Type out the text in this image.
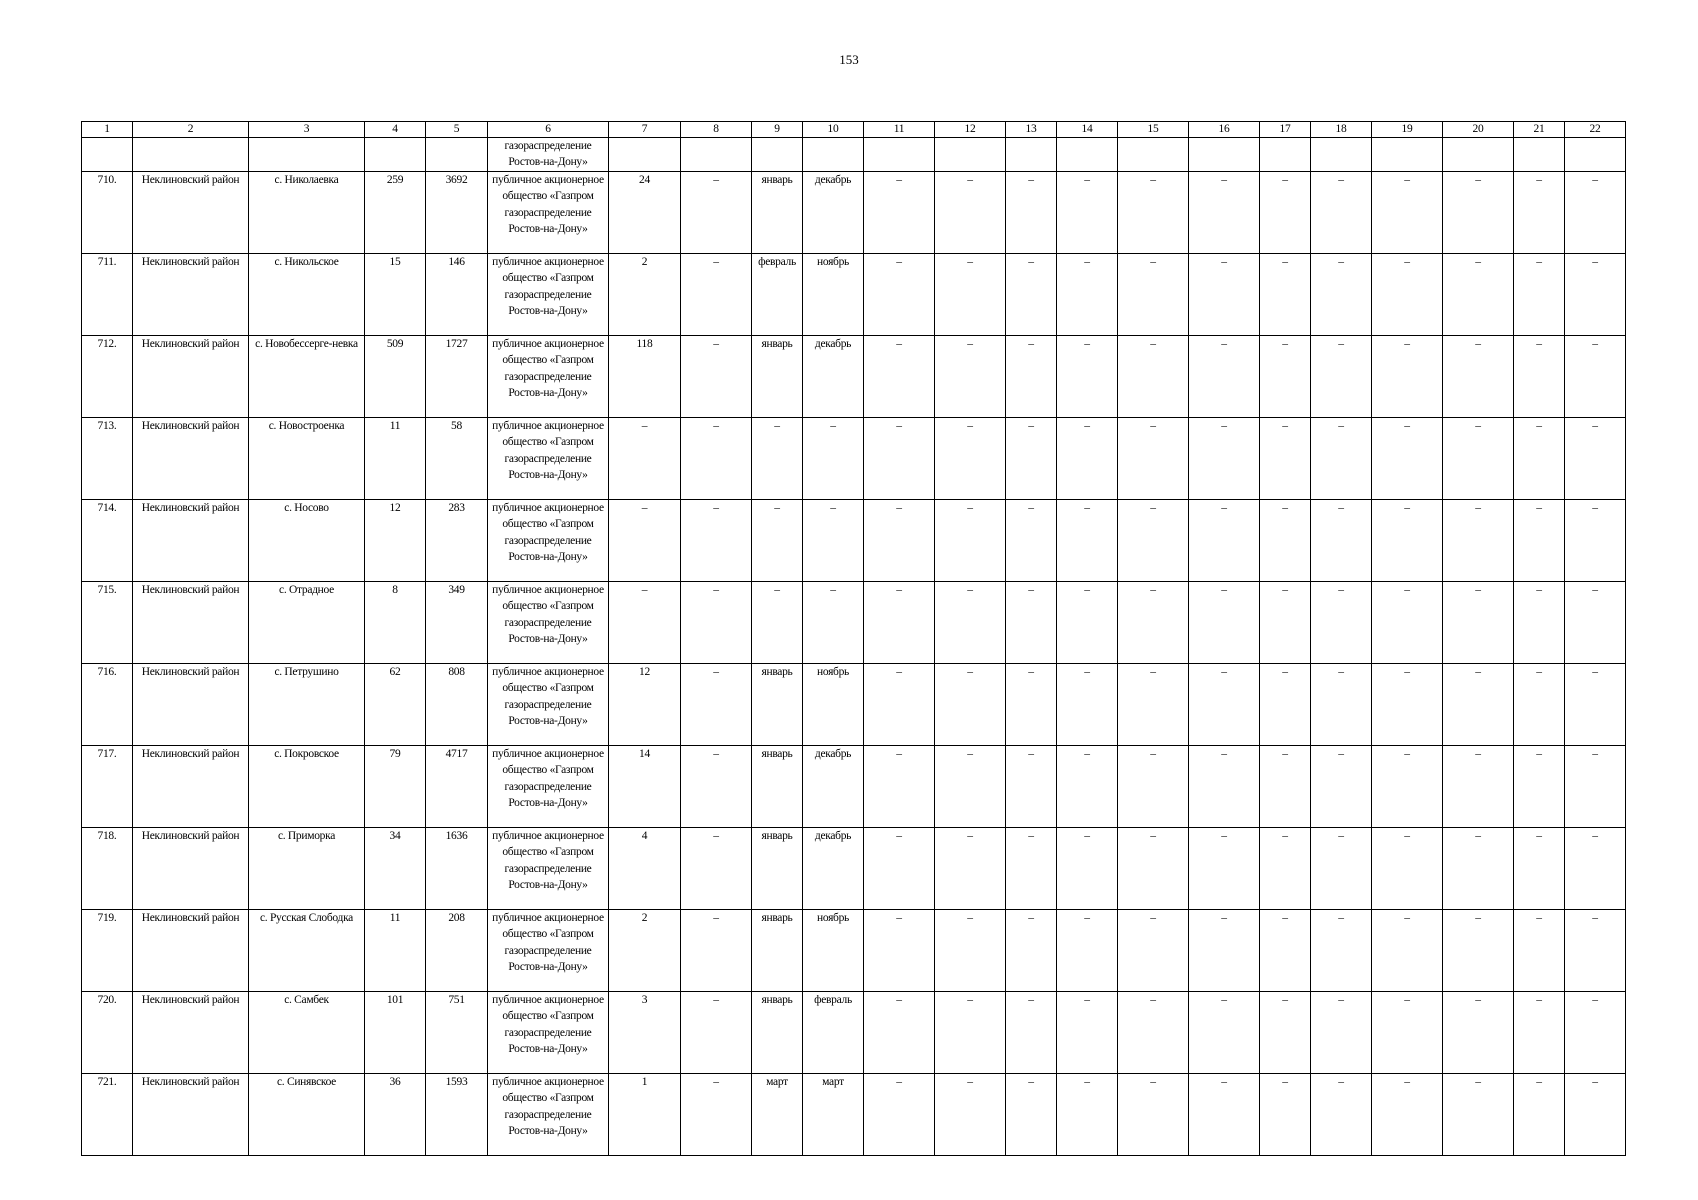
153
1	2	3	4	5	6	7	8	9	10	11	12	13	14	15	16	17	18	19	20	21	22
					газораспределение Ростов-на-Дону»																
710.	Неклиновский район	с. Николаевка	259	3692	публичное акционерное общество «Газпром газораспределение Ростов-на-Дону»	24	–	январь	декабрь	–	–	–	–	–	–	–	–	–	–	–	–
711.	Неклиновский район	с. Никольское	15	146	публичное акционерное общество «Газпром газораспределение Ростов-на-Дону»	2	–	февраль	ноябрь	–	–	–	–	–	–	–	–	–	–	–	–
712.	Неклиновский район	с. Новобессерге-невка	509	1727	публичное акционерное общество «Газпром газораспределение Ростов-на-Дону»	118	–	январь	декабрь	–	–	–	–	–	–	–	–	–	–	–	–
713.	Неклиновский район	с. Новостроенка	11	58	публичное акционерное общество «Газпром газораспределение Ростов-на-Дону»	–	–	–	–	–	–	–	–	–	–	–	–	–	–	–	–
714.	Неклиновский район	с. Носово	12	283	публичное акционерное общество «Газпром газораспределение Ростов-на-Дону»	–	–	–	–	–	–	–	–	–	–	–	–	–	–	–	–
715.	Неклиновский район	с. Отрадное	8	349	публичное акционерное общество «Газпром газораспределение Ростов-на-Дону»	–	–	–	–	–	–	–	–	–	–	–	–	–	–	–	–
716.	Неклиновский район	с. Петрушино	62	808	публичное акционерное общество «Газпром газораспределение Ростов-на-Дону»	12	–	январь	ноябрь	–	–	–	–	–	–	–	–	–	–	–	–
717.	Неклиновский район	с. Покровское	79	4717	публичное акционерное общество «Газпром газораспределение Ростов-на-Дону»	14	–	январь	декабрь	–	–	–	–	–	–	–	–	–	–	–	–
718.	Неклиновский район	с. Приморка	34	1636	публичное акционерное общество «Газпром газораспределение Ростов-на-Дону»	4	–	январь	декабрь	–	–	–	–	–	–	–	–	–	–	–	–
719.	Неклиновский район	с. Русская Слободка	11	208	публичное акционерное общество «Газпром газораспределение Ростов-на-Дону»	2	–	январь	ноябрь	–	–	–	–	–	–	–	–	–	–	–	–
720.	Неклиновский район	с. Самбек	101	751	публичное акционерное общество «Газпром газораспределение Ростов-на-Дону»	3	–	январь	февраль	–	–	–	–	–	–	–	–	–	–	–	–
721.	Неклиновский район	с. Синявское	36	1593	публичное акционерное общество «Газпром газораспределение Ростов-на-Дону»	1	–	март	март	–	–	–	–	–	–	–	–	–	–	–	–
